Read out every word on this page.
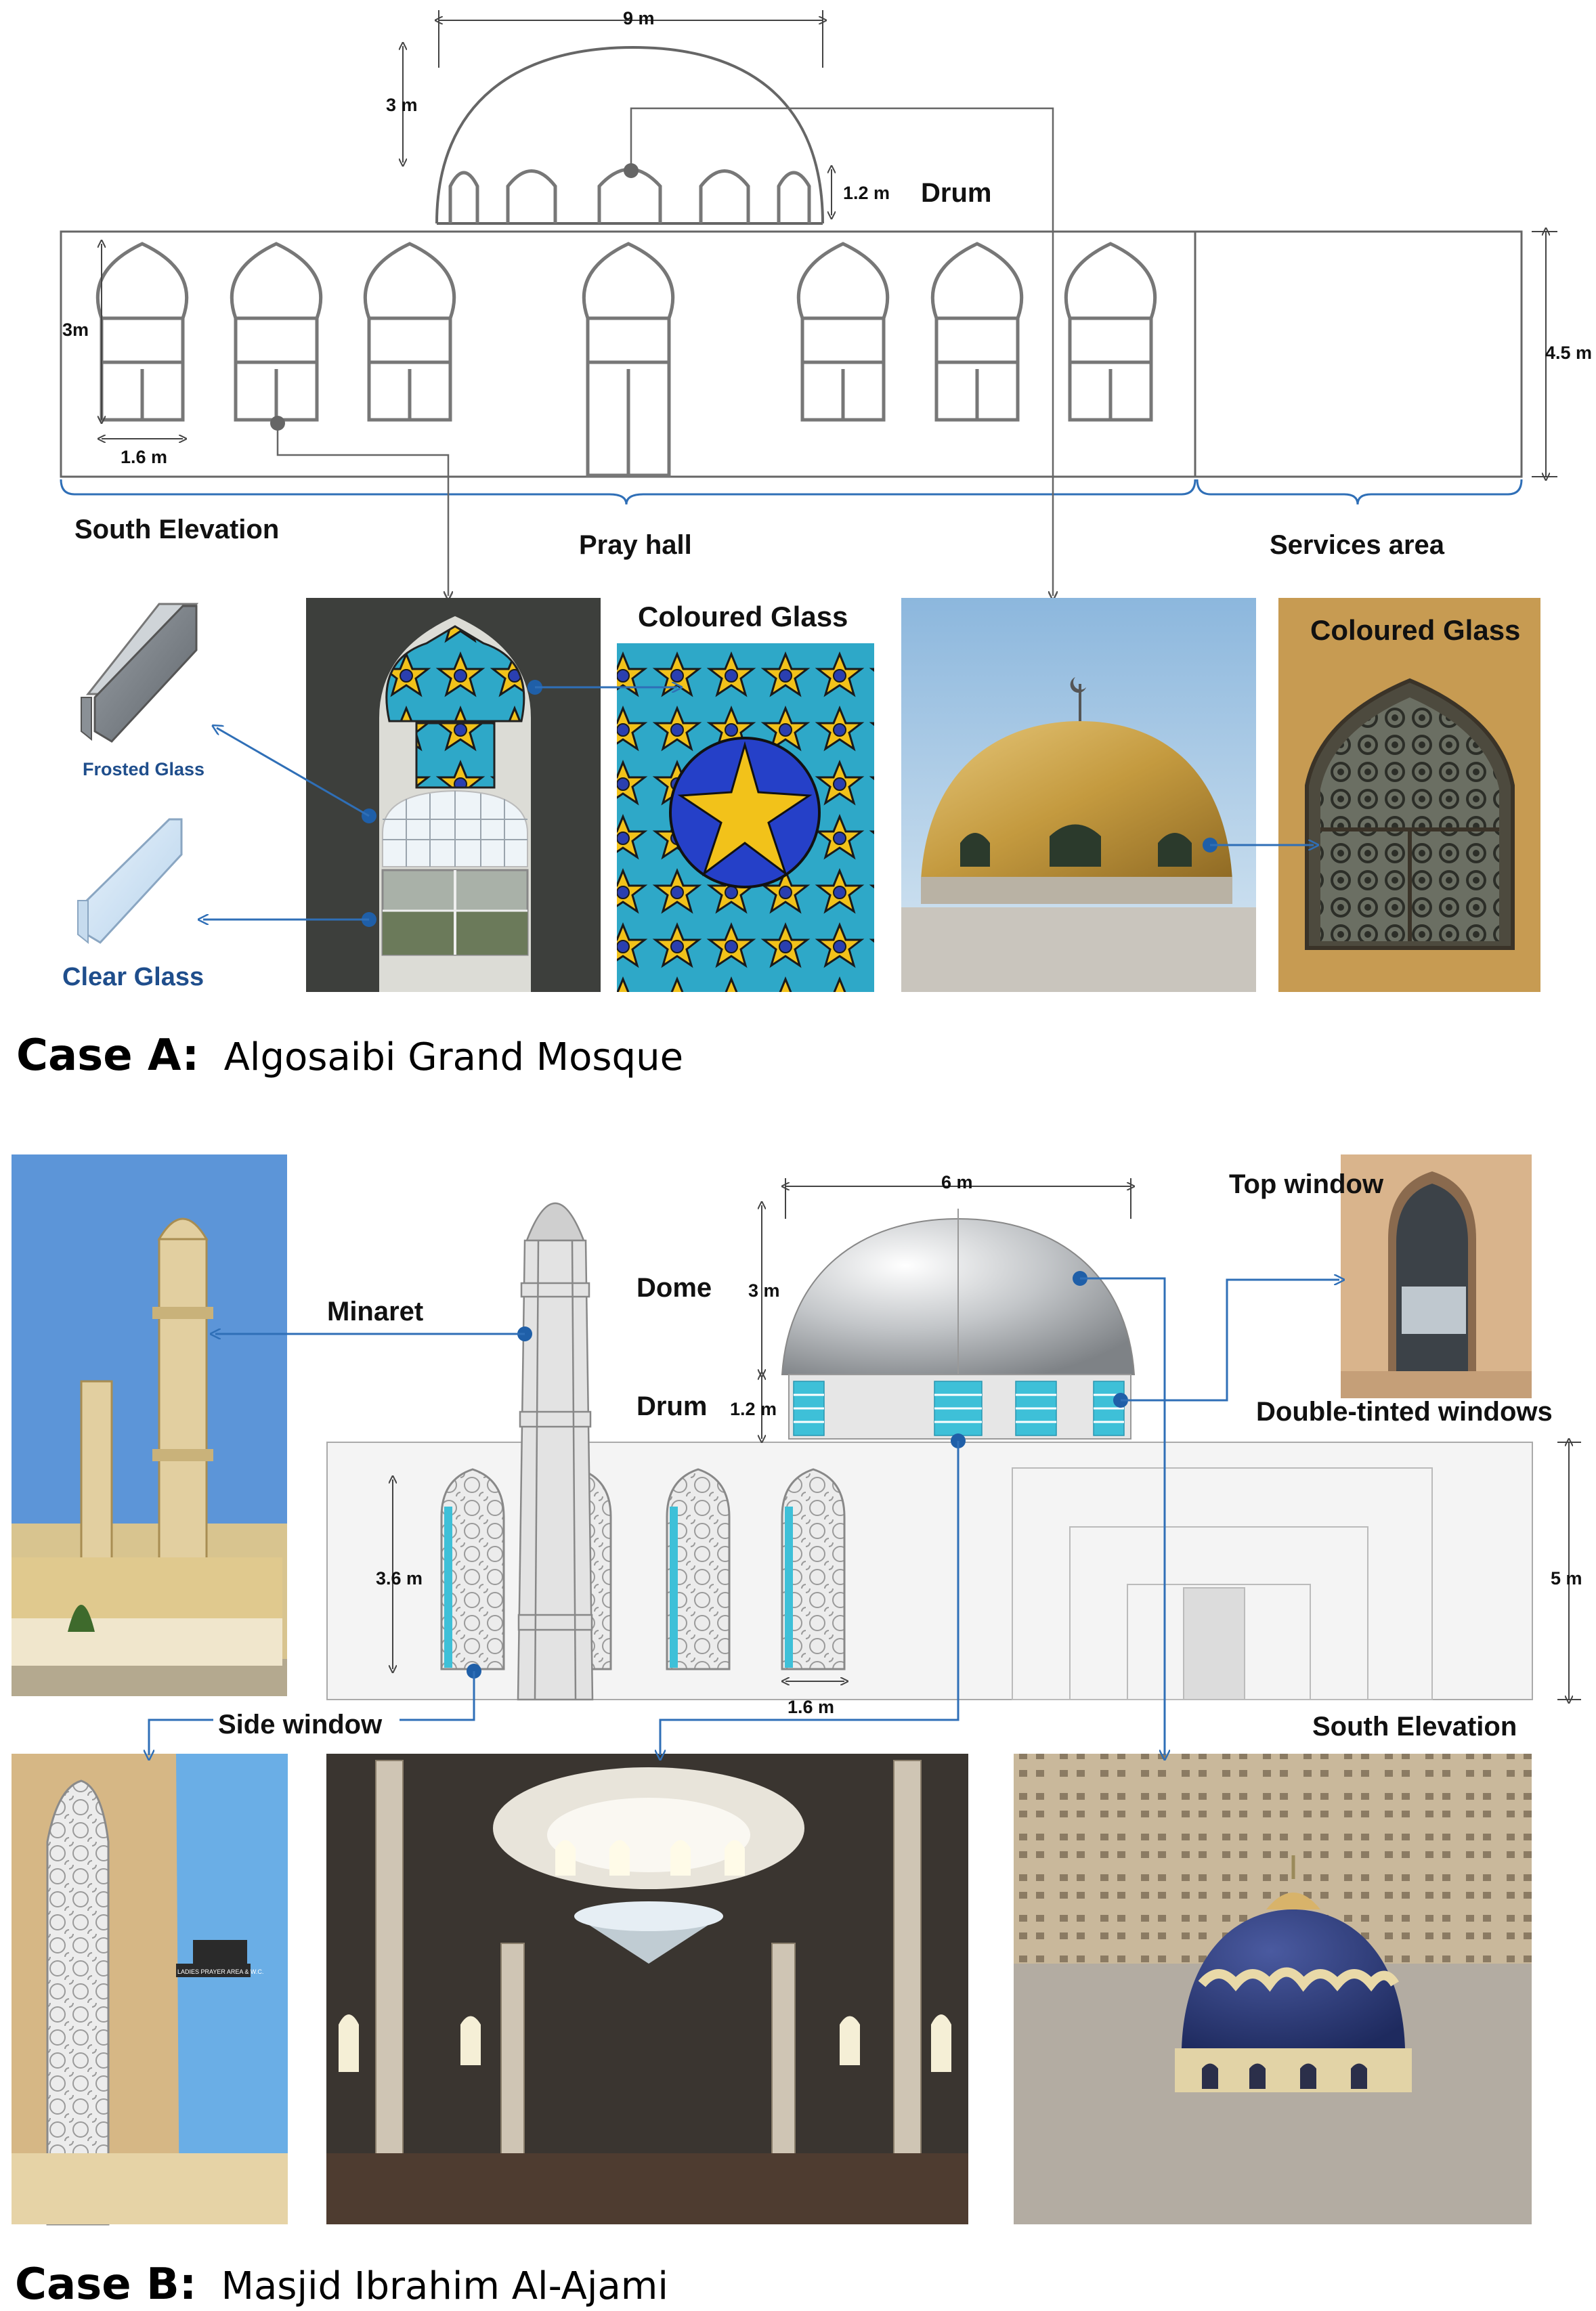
9 m
3 m
1.2 m
3m
1.6 m
4.5 m
Drum
South Elevation
Pray hall	Services area
Frosted Glass
Clear Glass
Coloured Glass	Coloured Glass
Case A: Algosaibi Grand Mosque
Minaret
6 m
3 m
1.2 m
3.6 m
1.6 m
5 m
Dome
Drum
South Elevation
Top window
Double-tinted windows
LADIES PRAYER AREA & W.C.
Side window
Case B: Masjid Ibrahim Al-Ajami
